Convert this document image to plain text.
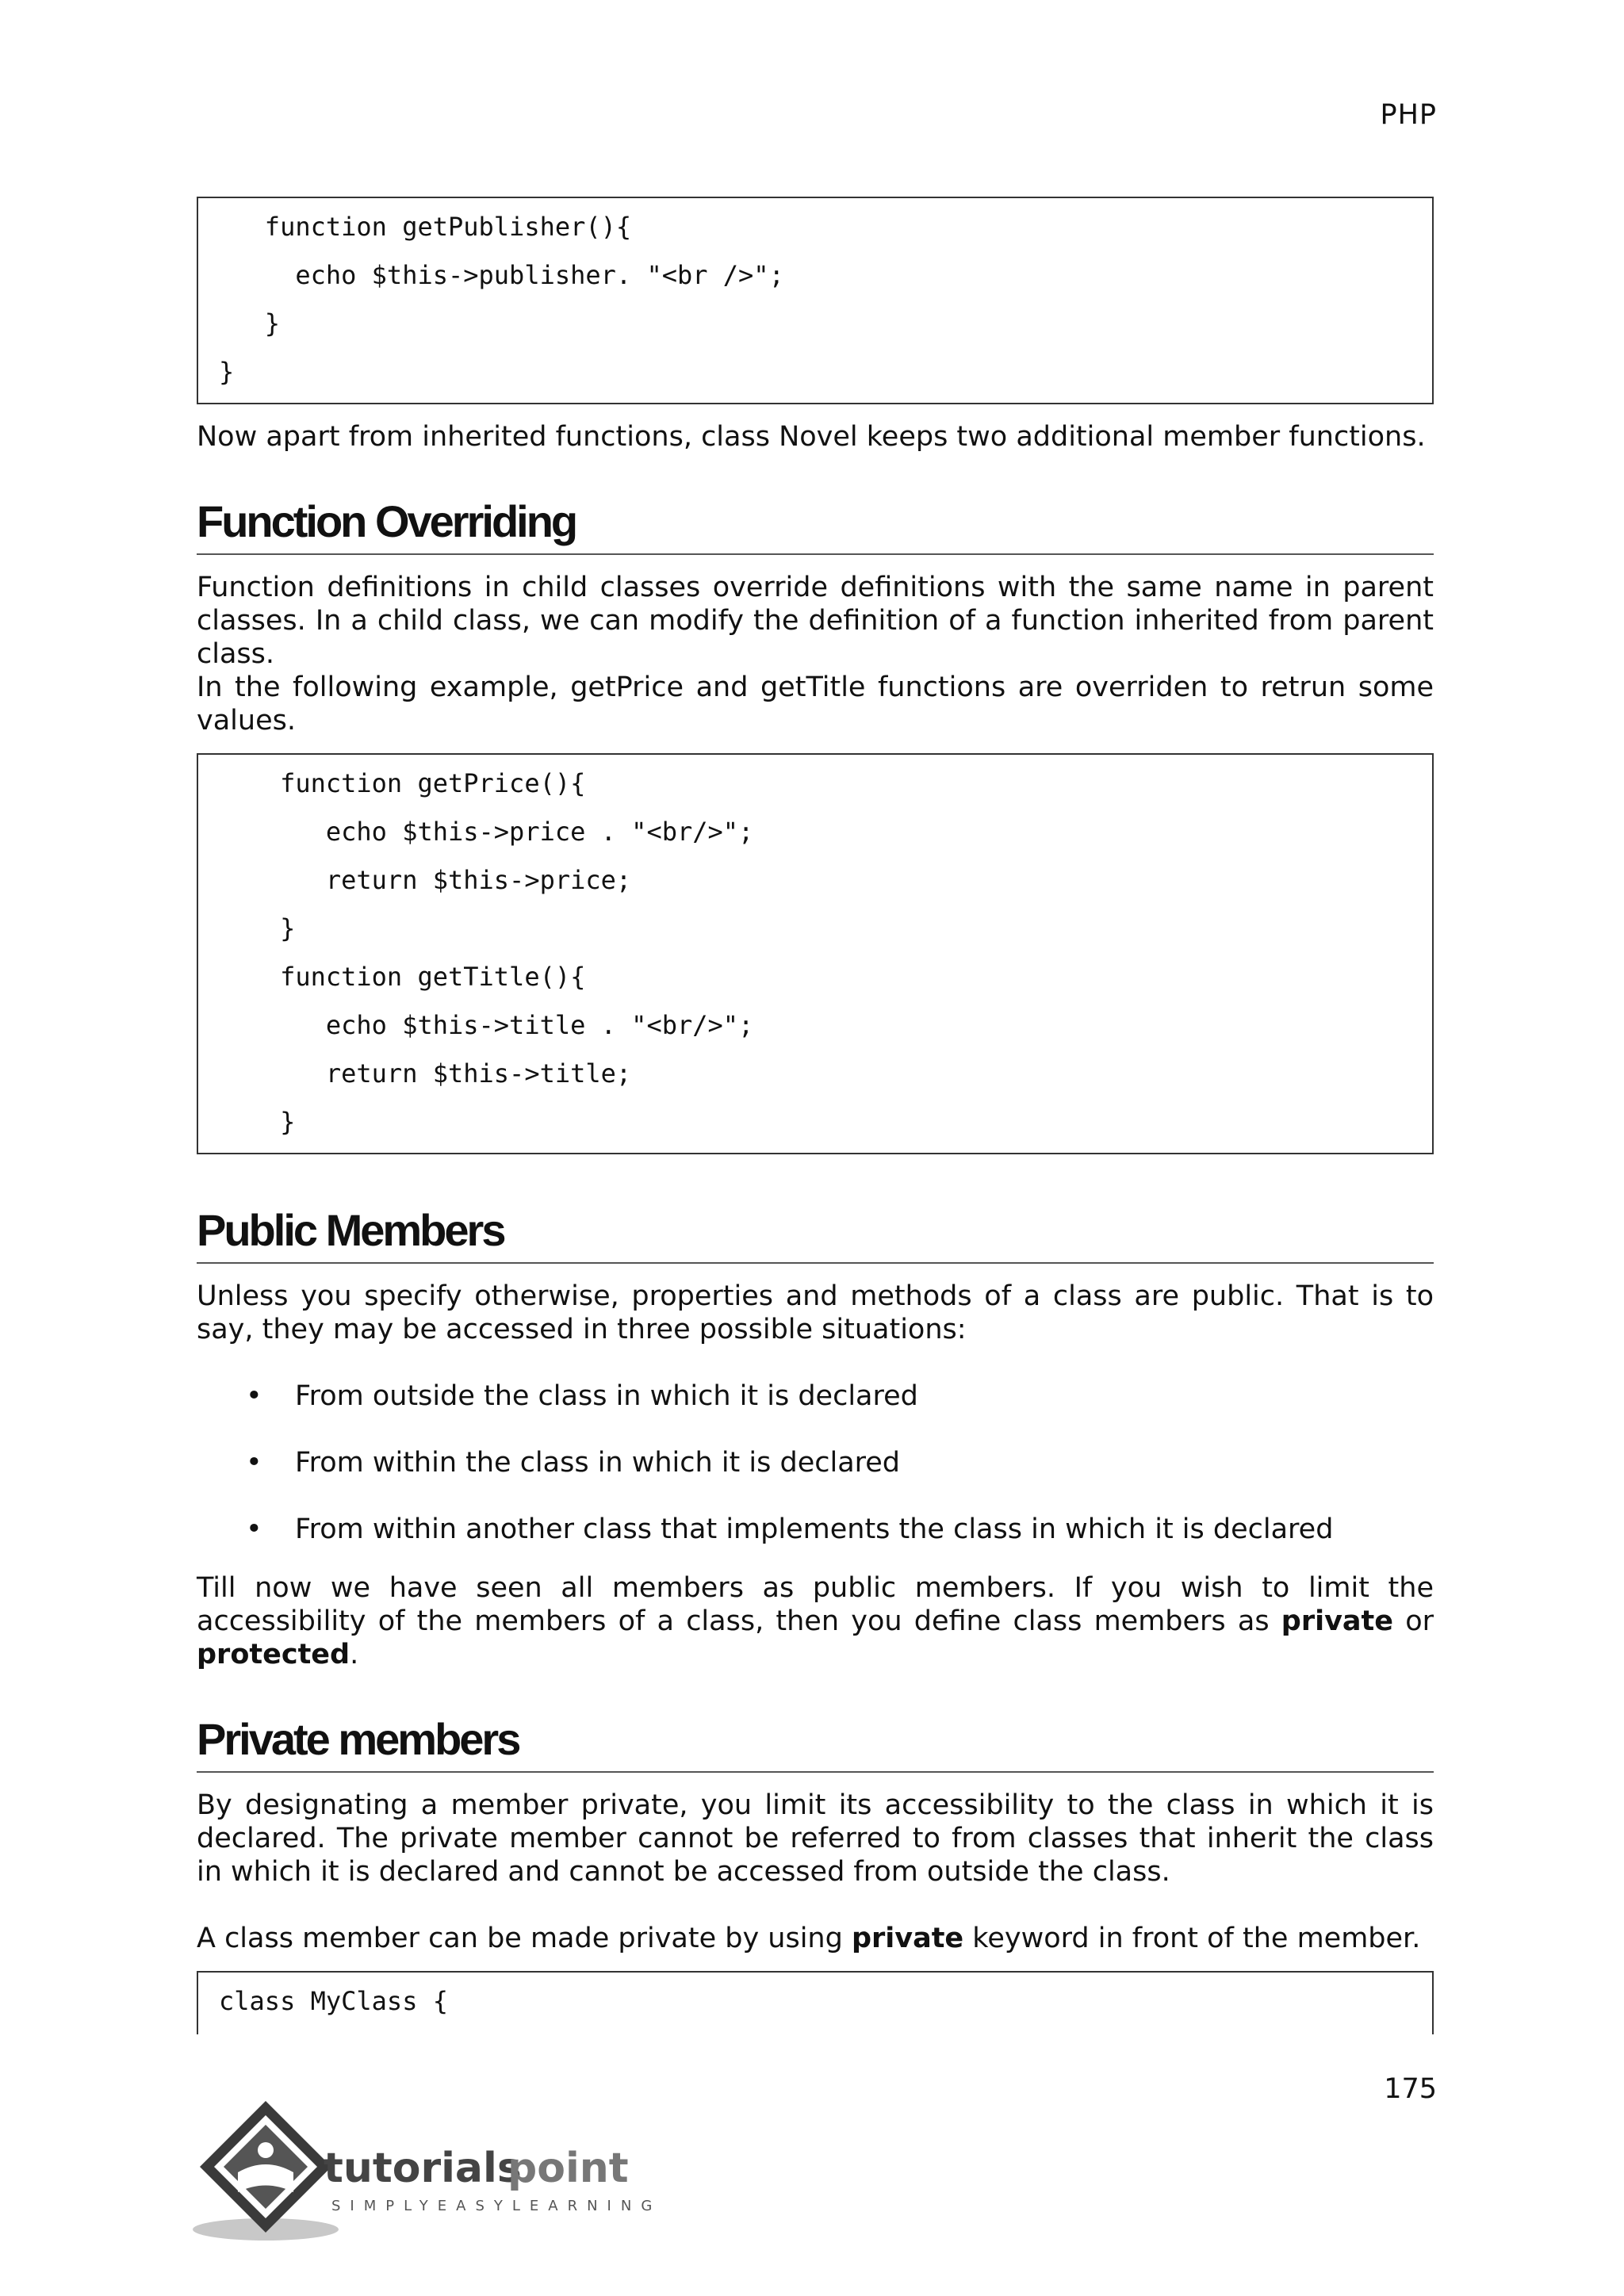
PHP
function getPublisher(){
echo $this->publisher. "<br />";
}
}

Now apart from inherited functions, class Novel keeps two additional member functions.

Function Overriding

Function definitions in child classes override definitions with the same name in parent classes. In a child class, we can modify the definition of a function inherited from parent class.

In the following example, getPrice and getTitle functions are overriden to retrun some values.

function getPrice(){
echo $this->price . "<br/>";
return $this->price;
}
function getTitle(){
echo $this->title . "<br/>";
return $this->title;
}
Public Members

Unless you specify otherwise, properties and methods of a class are public. That is to say, they may be accessed in three possible situations:

• From outside the class in which it is declared
• From within the class in which it is declared
• From within another class that implements the class in which it is declared

Till now we have seen all members as public members. If you wish to limit the accessibility of the members of a class, then you define class members as private or protected.

Private members

By designating a member private, you limit its accessibility to the class in which it is declared. The private member cannot be referred to from classes that inherit the class in which it is declared and cannot be accessed from outside the class.

A class member can be made private by using private keyword in front of the member.

class MyClass {
175
tutorials
point
SIMPLYEASYLEARNING
